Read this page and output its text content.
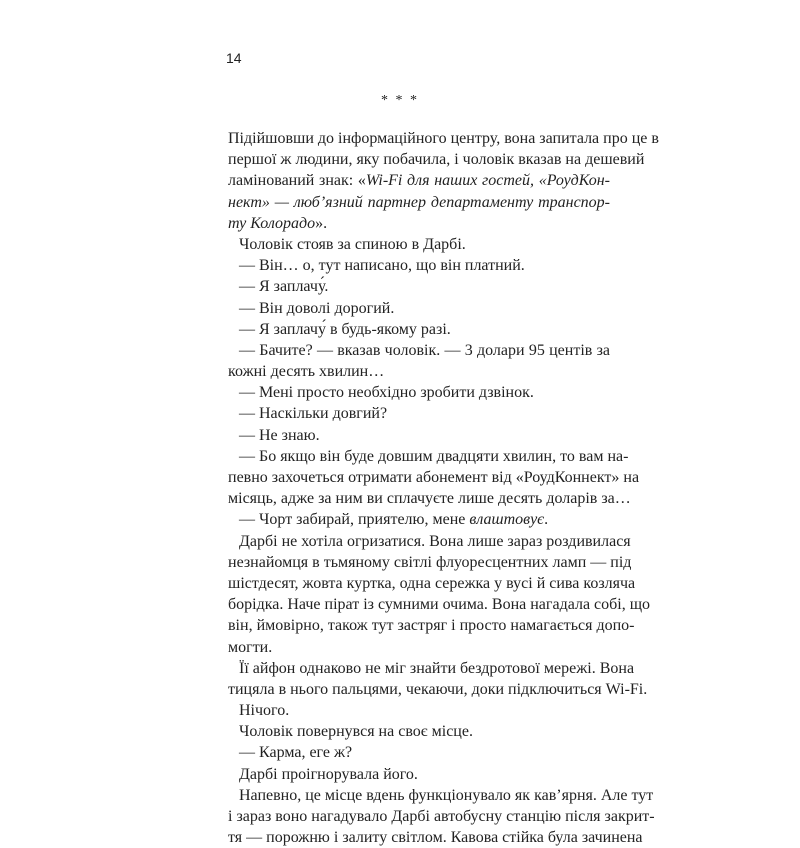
14
* * *
Підійшовши до інформаційного центру, вона запитала про це в
першої ж людини, яку побачила, і чоловік вказав на дешевий
ламінований знак: «Wi-Fi для наших гостей, «РоудКон-
нект» — люб’язний партнер департаменту транспор-
ту Колорадо».
Чоловік стояв за спиною в Дарбі.
— Він… о, тут написано, що він платний.
— Я заплачу́.
— Він доволі дорогий.
— Я заплачу́ в будь-якому разі.
— Бачите? — вказав чоловік. — 3 долари 95 центів за
кожні десять хвилин…
— Мені просто необхідно зробити дзвінок.
— Наскільки довгий?
— Не знаю.
— Бо якщо він буде довшим двадцяти хвилин, то вам на-
певно захочеться отримати абонемент від «РоудКоннект» на
місяць, адже за ним ви сплачуєте лише десять доларів за…
— Чорт забирай, приятелю, мене влаштовує.
Дарбі не хотіла огризатися. Вона лише зараз роздивилася
незнайомця в тьмяному світлі флуоресцентних ламп — під
шістдесят, жовта куртка, одна сережка у вусі й сива козляча
борідка. Наче пірат із сумними очима. Вона нагадала собі, що
він, ймовірно, також тут застряг і просто намагається допо-
могти.
Її айфон однаково не міг знайти бездротової мережі. Вона
тицяла в нього пальцями, чекаючи, доки підключиться Wi-Fi.
Нічого.
Чоловік повернувся на своє місце.
— Карма, еге ж?
Дарбі проігнорувала його.
Напевно, це місце вдень функціонувало як кав’ярня. Але тут
і зараз воно нагадувало Дарбі автобусну станцію після закрит-
тя — порожню і залиту світлом. Кавова стійка була зачинена
